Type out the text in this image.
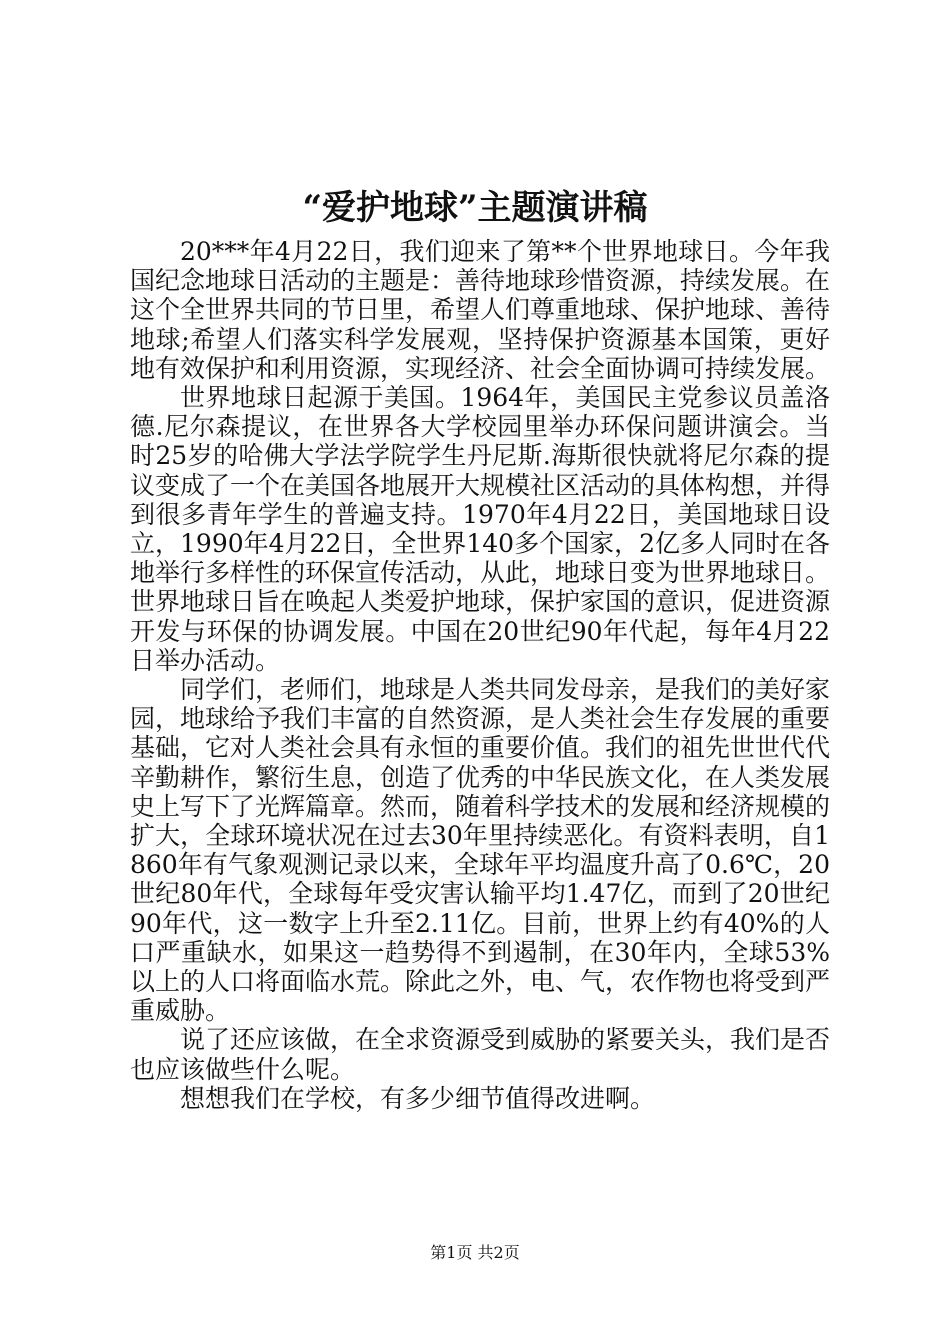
“爱护地球”主题演讲稿

20***年4月22日，我们迎来了第**个世界地球日。今年我国纪念地球日活动的主题是：善待地球珍惜资源，持续发展。在这个全世界共同的节日里，希望人们尊重地球、保护地球、善待地球;希望人们落实科学发展观，坚持保护资源基本国策，更好地有效保护和利用资源，实现经济、社会全面协调可持续发展。

世界地球日起源于美国。1964年，美国民主党参议员盖洛德.尼尔森提议，在世界各大学校园里举办环保问题讲演会。当时25岁的哈佛大学法学院学生丹尼斯.海斯很快就将尼尔森的提议变成了一个在美国各地展开大规模社区活动的具体构想，并得到很多青年学生的普遍支持。1970年4月22日，美国地球日设立，1990年4月22日，全世界140多个国家，2亿多人同时在各地举行多样性的环保宣传活动，从此，地球日变为世界地球日。世界地球日旨在唤起人类爱护地球，保护家国的意识，促进资源开发与环保的协调发展。中国在20世纪90年代起，每年4月22日举办活动。

同学们，老师们，地球是人类共同发母亲，是我们的美好家园，地球给予我们丰富的自然资源，是人类社会生存发展的重要基础，它对人类社会具有永恒的重要价值。我们的祖先世世代代辛勤耕作，繁衍生息，创造了优秀的中华民族文化，在人类发展史上写下了光辉篇章。然而，随着科学技术的发展和经济规模的扩大，全球环境状况在过去30年里持续恶化。有资料表明，自1860年有气象观测记录以来，全球年平均温度升高了0.6℃，20世纪80年代，全球每年受灾害认输平均1.47亿，而到了20世纪90年代，这一数字上升至2.11亿。目前，世界上约有40%的人口严重缺水，如果这一趋势得不到遏制，在30年内，全球53%以上的人口将面临水荒。除此之外，电、气，农作物也将受到严重威胁。

说了还应该做，在全求资源受到威胁的紧要关头，我们是否也应该做些什么呢。

想想我们在学校，有多少细节值得改进啊。

第1页 共2页
